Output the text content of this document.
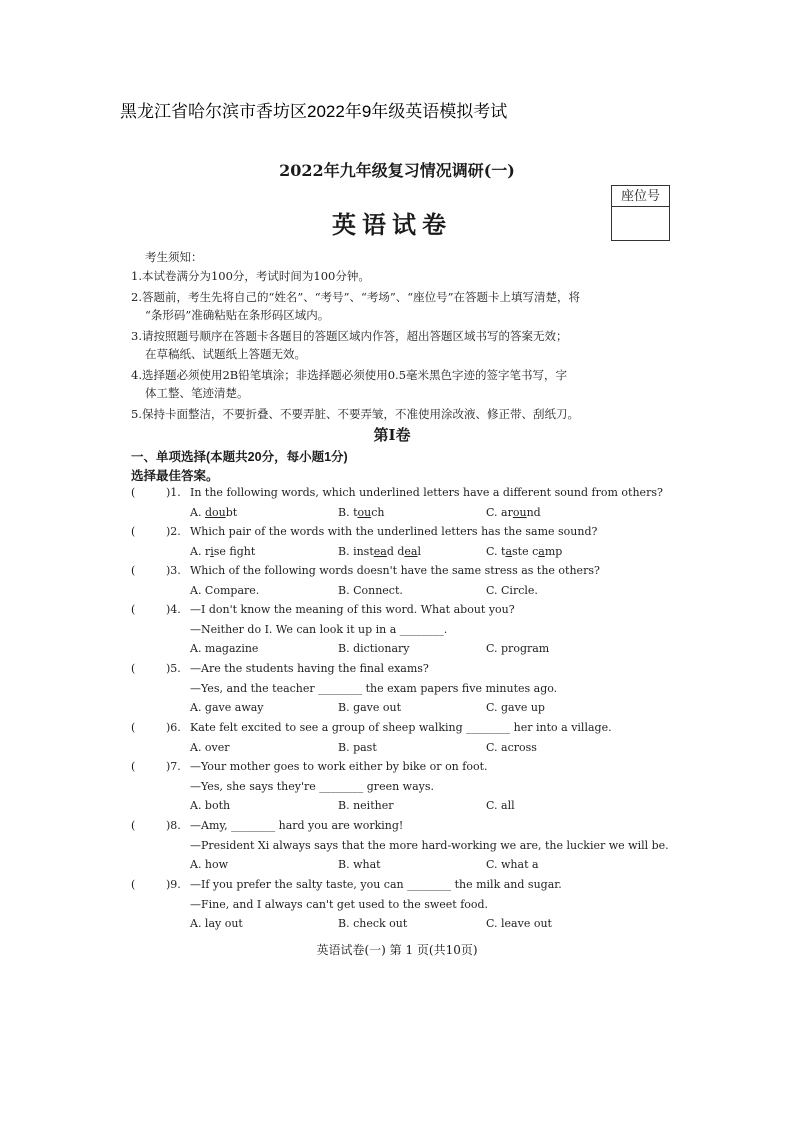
黑龙江省哈尔滨市香坊区2022年9年级英语模拟考试
2022年九年级复习情况调研(一)
英语试卷
座位号
考生须知：
1.本试卷满分为100分，考试时间为100分钟。
2.答题前，考生先将自己的“姓名”、“考号”、“考场”、“座位号”在答题卡上填写清楚，将
“条形码”准确粘贴在条形码区域内。
3.请按照题号顺序在答题卡各题目的答题区域内作答，超出答题区域书写的答案无效；
在草稿纸、试题纸上答题无效。
4.选择题必须使用2B铅笔填涂；非选择题必须使用0.5毫米黑色字迹的签字笔书写，字
体工整、笔迹清楚。
5.保持卡面整洁，不要折叠、不要弄脏、不要弄皱，不准使用涂改液、修正带、刮纸刀。
第Ⅰ卷
一、单项选择(本题共20分，每小题1分)
选择最佳答案。
(	)1. In the following words, which underlined letters have a different sound from others?
A. doubt	B. touch	C. around
(	)2. Which pair of the words with the underlined letters has the same sound?
A. rise fght	B. instead deal	C. taste camp
(	)3. Which of the following words doesn't have the same stress as the others?
A. Compare.	B. Connect.	C. Circle.
(	)4. —I don't know the meaning of this word. What about you?
—Neither do I. We can look it up in a ________.
A. magazine	B. dictionary	C. program
(	)5. —Are the students having the final exams?
—Yes, and the teacher ________ the exam papers five minutes ago.
A. gave away	B. gave out	C. gave up
(	)6. Kate felt excited to see a group of sheep walking ________ her into a village.
A. over	B. past	C. across
(	)7. —Your mother goes to work either by bike or on foot.
—Yes, she says they're ________ green ways.
A. both	B. neither	C. all
(	)8. —Amy, ________ hard you are working!
—President Xi always says that the more hard-working we are, the luckier we will be.
A. how	B. what	C. what a
(	)9. —If you prefer the salty taste, you can ________ the milk and sugar.
—Fine, and I always can't get used to the sweet food.
A. lay out	B. check out	C. leave out
英语试卷(一) 第 1 页(共10页)
